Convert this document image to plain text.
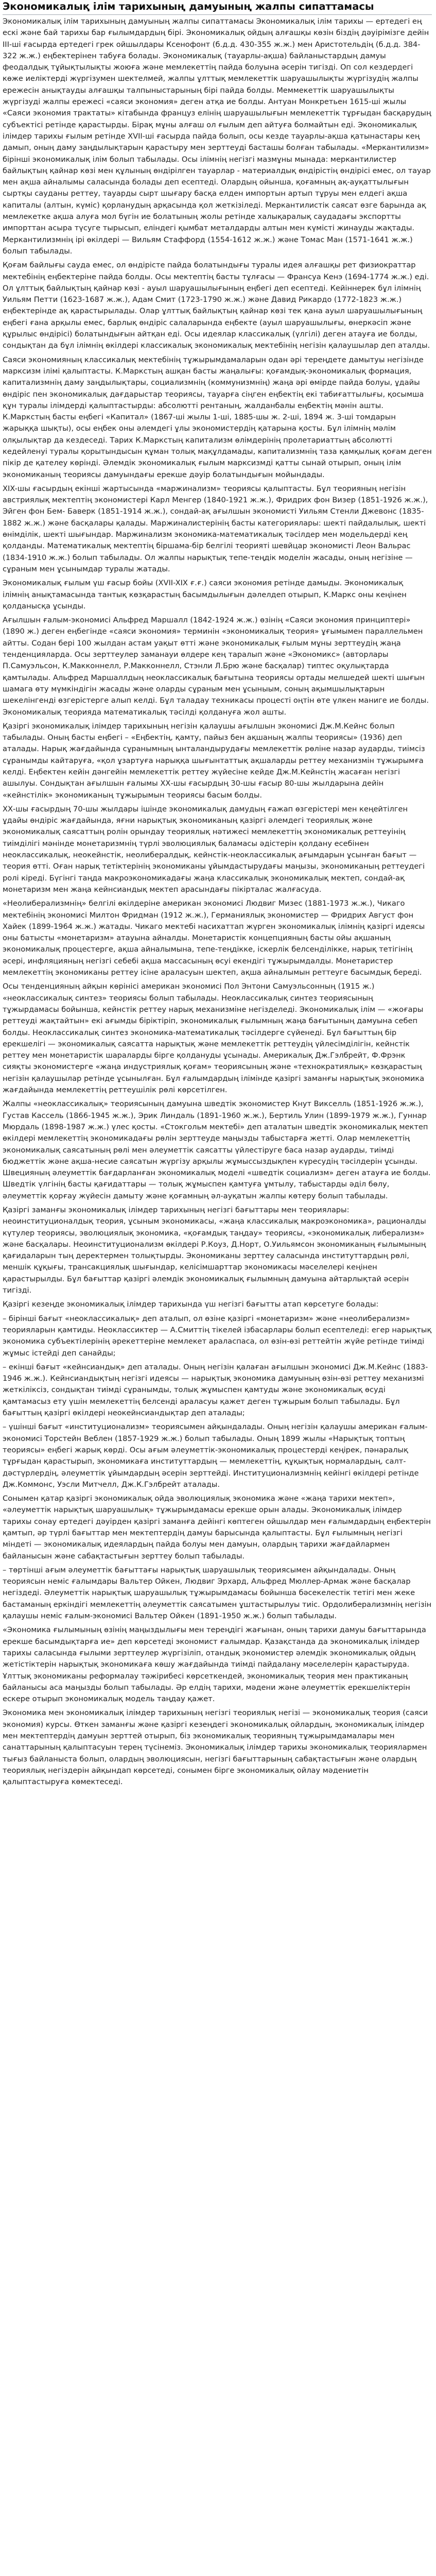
Экономикалық ілім тарихының дамуының жалпы сипаттамасы

Экономикалық ілім тарихының дамуының жалпы сипаттамасы Экономикалық ілім тарихы — ертедегі ең ескі және бай тарихы бар ғылымдардың бірі. Экономикалық ойдың алғашқы көзін біздің дәуірімізге дейін IІІ-ші ғасырда ертедегі грек ойшылдары Ксенофонт (б.д.д. 430-355 ж.ж.) мен Аристотельдің (б.д.д. 384-322 ж.ж.) еңбектерінен табуға болады. Экономикалық (тауарлы-ақша) байланыстардың дамуы феодалдық тұйықтылықты жоюға және мемлекеттің пайда болуына әсерін тигізді. Оп сол кездердегі көже иеліктерді жүргізумен шектелмей, жалпы ұлттық мемлекеттік шаруашылықты жүргізудің жалпы ережесін анықтауды алғашқы талпыныстарының бірі пайда болды. Меммекеттік шаруашылықты жүргізуді жалпы ережесі «саяси экономия» деген атқа ие болды. Антуан Монкретьен 1615-ші жылы «Саяси экономия трактаты» кітабында француз елінің шаруашылығын мемлекеттік тұрғыдан басқарудың субъектісі ретінде қарастырды. Бірақ мұны алғаш ол ғылым деп айтуға болмайтын еді. Экономикалық ілімдер тарихы ғылым ретінде XVII-ші ғасырда пайда болып, осы кезде тауарлы-ақша қатынастары кең дамып, оның даму заңдылықтарын қарастыру мен зерттеуді басташы болған табылады. «Меркантилизм» бірінші экономикалық ілім болып табылады. Осы ілімнің негізгі мазмұны мынада: меркантилистер байлықтың қайнар көзі мен құлының өндірілген тауарлар - материалдық өндірістің өндірісі емес, ол тауар мен ақша айналымы саласында болады деп есептеді. Олардың ойынша, қоғамның ақ-ауқаттылығын сыртқы сауданы реттеу, тауарды сырт шығару басқа елден импортын артып тұруы мен елдегі ақша капиталы (алтын, күміс) қорланудың арқасында қол жеткізіледі. Меркантилистік саясат өзге барында ақ мемлекетке ақша алуға мол бүгін ие болатының жолы ретінде халықаралық саудадағы экспортты импорттан асыра түсуге тырысып, еліндегі қымбат металдарды алтын мен күмісті жинауды жақтады. Меркантилизмнің ірі өкілдері — Вильям Стаффорд (1554-1612 ж.ж.) және Томас Ман (1571-1641 ж.ж.) болып табылады.

Қоғам байлығы сауда емес, ол өндірісте пайда болатындығы туралы идея алғашқы рет физиократтар мектебінің еңбектеріне пайда болды. Осы мектептің басты тұлғасы — Франсуа Кенэ (1694-1774 ж.ж.) еді. Ол ұлттық байлықтың қайнар көзі - ауыл шаруашылығының еңбегі деп есептеді. Кейіннерек бұл ілімнің Уильям Петти (1623-1687 ж.ж.), Адам Смит (1723-1790 ж.ж.) және Давид Рикардо (1772-1823 ж.ж.) еңбектерінде ақ қарастырылады. Олар ұлттық байлықтың қайнар көзі тек қана ауыл шаруашылығының еңбегі ғана арқылы емес, барлық өндіріс салаларында еңбекте (ауыл шаруашылығы, өнеркәсіп және құрылыс өндірісі) болатындығын айтқан еді. Осы идеялар классикалық (үлгілі) деген атауға ие болды, сондықтан да бұл ілімнің өкілдері классикалық экономикалық мектебінің негізін қалаушылар деп аталды.

Саяси экономияның классикалық мектебінің тұжырымдамаларын одан әрі тереңдете дамытуы негізінде марксизм ілімі қалыптасты. К.Маркстың ашқан басты жаңалығы: қоғамдық-экономикалық формация, капитализмнің даму заңдылықтары, социализмнің (коммунизмнің) жаңа әрі өмірде пайда болуы, ұдайы өндіріс пен экономикалық дағдарыстар теориясы, тауарға сіңген еңбектің екі табиғаттылығы, қосымша құн туралы ілімдерді қалыптастырды: абсолютті рентаның, жалданбалы еңбектің мәнін ашты. К.Маркстың басты еңбегі «Капитал» (1867-ші жылы 1-ші, 1885-шы ж. 2-ші, 1894 ж. 3-ші томдарын жарыққа шықты), осы еңбек оны әлемдегі ұлы экономистердің қатарына қосты. Бұл ілімнің мәлім олқылықтар да кездеседі. Тарих К.Маркстың капитализм өлімдерінің пролетариаттың абсолютті кедейленуі туралы қорытындысын құман толық мақұлдамады, капитализмнің таза қамқылық қоғам деген пікір де қателеу көрінді. Әлемдік экономикалық ғылым марксизмді қатты сынай отырып, оның ілім экономиканың теориясы дамуындағы ерекше дәуір болатындығын мойындады.

XIX-шы ғасырдың екінші жартысында «маржинализм» теориясы қалыптасты. Бұл теорияның негізін австриялық мектептің экономистері Карл Менгер (1840-1921 ж.ж.), Фридрих фон Визер (1851-1926 ж.ж.), Эйген фон Бем- Баверк (1851-1914 ж.ж.), сондай-ақ ағылшын экономисті Уильям Стенли Джевонс (1835-1882 ж.ж.) және басқалары қалады. Маржиналистерінің басты категориялары: шекті пайдалылық, шекті өнімділік, шекті шығындар. Маржинализм экономика-математикалық тәсілдер мен модельдерді кең қолданды. Математикалық мектептің біршама-бір белгілі теорияті шевйцар экономисті Леон Вальрас (1834-1910 ж.ж.) болып табылады. Ол жалпы нарықтық тепе-теңдік моделін жасады, оның негізіне — сұраным мен ұсынымдар туралы жатады.

Экономикалық ғылым үш ғасыр бойы (XVII-XIX ғ.ғ.) саяси экономия ретінде дамыды. Экономикалық ілімнің анықтамасында тантық көзқарастың басымдылығын дәлелдеп отырып, К.Маркс оны кеңінен қолданысқа ұсынды.

Ағылшын ғалым-экономисі Альфред Маршалл (1842-1924 ж.ж.) өзінің «Саяси экономия принциптері» (1890 ж.) деген еңбегінде «саяси экономия» терминін «экономикалық теория» ұғымымен параллельмен айтты. Содан бері 100 жылдан астам уақыт өтті және экономикалық ғылым мұны зерттеудің жаңа тенденцияларда. Осы зерттеулер заманауи өлдере кең таралып және «Экономикс» (авторлары П.Самуэльсон, К.Макконнелл, Р.Макконнелл, Стэнли Л.Брю және басқалар) типтес оқулықтарда қамтылады. Альфред Маршаллдың неоклассикалық бағытына теориясы ортады мелшедей шекті шығын шамага өту мүмкіндігін жасады және оларды сұраным мен ұсыныым, соның ақымшылықтарын шекелінгенді өзгерістерге алып келді. Бұл таладау техникасы процесті оңтін өте үлкен маниге ие болды. Экономикалық теорияда математикалық тәсілді қолдануға жол ашты.

Қазіргі экономикалық ілімдер тарихының негізін қалаушы ағылшын экономисі Дж.М.Кейнс болып табылады. Оның басты еңбегі – «Еңбектің, қамту, пайыз бен ақшаның жалпы теориясы» (1936) деп аталады. Нарық жағдайында сұранымның ынталандырудағы мемлекеттік рөліне назар аударды, тиімсіз сұранымды кайтаруға, «қол ұзартуға нарыққа шығынтаттық ақшаларды реттеу механизмін тұжырымға келді. Еңбектен кейін дәнгейін мемлекеттік реттеу жүйесіне кейде Дж.М.Кейнстің жасаған негізгі ашылуы. Сондықтан ағылшын ғалымы ХХ-шы ғасырдың 30-шы ғасыр 80-шы жылдарына дейін «кейнстілік» экономиканың тұжырымын теориясы басым болды.

ХХ-шы ғасырдың 70-шы жылдары ішінде экономикалық дамудың ғажап өзгерістері мен кеңейтілген ұдайы өндіріс жағдайында, яғни нарықтық экономиканың қазіргі әлемдегі теориялық және экономикалық саясаттың ролін орындау теориялық нәтижесі мемлекеттің экономикалық реттеуінің тиімділігі мәнінде монетаризмнің түрлі эволюциялық баламасы әдістерін қолдану есебінен неоклассикалық, неокейнстік, неолибералдық, кейнстік-неоклассикалық ағымдарын ұсынған бағыт — теория өтті. Оған нарық тетіктерінің экономиканы ұйымдастырудағы маңызы, экономиканың реттеудегі ролі кіреді. Бүгінгі таңда макроэкономикадағы жаңа классикалық экономикалық мектеп, сондай-ақ монетаризм мен жаңа кейнсиандық мектеп арасындағы пікірталас жалғасуда.

«Неолиберализмнің» белгілі өкілдеріне американ экономисі Людвиг Мизес (1881-1973 ж.ж.), Чикаго мектебінің экономисі Милтон Фридман (1912 ж.ж.), Германиялық экономистер — Фридрих Август фон Хайек (1899-1964 ж.ж.) жатады. Чикаго мектебі насихаттап жүрген экономикалық ілімнің қазіргі идеясы оны батысты «монетаризм» атауына айналды. Монетаристік концепцияның басты ойы ақшаның экономикалық процестерге, ақша айналымына, тепе-теңдікке, іскерлік белсенділікке, нарық тетігінің әсері, инфляцияның негізгі себебі ақша массасының өсуі екендігі тұжырымдалды. Монетаристер мемлекеттің экономиканы реттеу ісіне араласуын шектеп, ақша айналымын реттеуге басымдық береді.

Осы тенденцияның айқын көрінісі американ экономисі Пол Энтони Самуэльсонның (1915 ж.) «неоклассикалық синтез» теориясы болып табылады. Неоклассикалық синтез теориясының тұжырдамасы бойынша, кейнстік реттеу нарық механизміне негізделеді. Экономикалық ілім — «жоғары реттеуді жақтайтын» екі ағымды біріктіріп, экономикалық ғылымның жаңа бағытының дамуына себеп болды. Неоклассикалық синтез экономика-математикалық тәсілдерге сүйенеді. Бұл бағыттың бір ерекшелігі — экономикалық саясатта нарықтық және мемлекеттік реттеудің үйлесімділігін, кейнстік реттеу мен монетаристік шараларды бірге қолдануды ұсынады. Америкалық Дж.Гэлбрейт, Ф.Фрэнк сияқты экономистерге «жаңа индустриялық қоғам» теориясының және «технократиялық» көзқарастың негізін қалаушылар ретінде ұсынылған. Бұл ғалымдардың ілімінде қазіргі заманғы нарықтық экономика жағдайында мемлекеттің реттеушілік рөлі көрсетілген.

Жалпы «неоклассикалық» теориясының дамуына шведтік экономистер Кнут Викселль (1851-1926 ж.ж.), Густав Кассель (1866-1945 ж.ж.), Эрик Линдаль (1891-1960 ж.ж.), Бертиль Улин (1899-1979 ж.ж.), Гуннар Мюрдаль (1898-1987 ж.ж.) үлес қосты. «Стокгольм мектебі» деп аталатын шведтік экономикалық мектеп өкілдері мемлекеттің экономикадағы рөлін зерттеуде маңызды табыстарға жетті. Олар мемлекеттің экономикалық саясатының рөлі мен әлеуметтік саясатты үйлестіруге баса назар аударды, тиімді бюджеттік және ақша-несие саясатын жүргізу арқылы жұмыссыздықпен күресудің тәсілдерін ұсынды. Швецияның әлеуметтік бағдарланған экономикалық моделі «шведтік социализм» деген атауға ие болды. Шведтік үлгінің басты қағидаттары — толық жұмыспен қамтуға ұмтылу, табыстарды әділ бөлу, әлеуметтік қорғау жүйесін дамыту және қоғамның әл-ауқатын жалпы көтеру болып табылады.

Қазіргі заманғы экономикалық ілімдер тарихының негізгі бағыттары мен теориялары: неоинституционалдық теория, ұсыным экономикасы, «жаңа классикалық макроэкономика», рационалды күтулер теориясы, эволюциялық экономика, «қоғамдық таңдау» теориясы, «экономикалық либерализм» және басқалары. Неоинституционализм өкілдері Р.Коуз, Д.Норт, О.Уильямсон экономиканың ғылымының қағидаларын тың деректермен толықтырды. Экономиканы зерттеу саласында институттардың рөлі, меншік құқығы, трансакциялық шығындар, келісімшарттар экономикасы мәселелері кеңінен қарастырылды. Бұл бағыттар қазіргі әлемдік экономикалық ғылымның дамуына айтарлықтай әсерін тигізді.

Қазіргі кезеңде экономикалық ілімдер тарихында үш негізгі бағытты атап көрсетуге болады:

– бірінші бағыт «неоклассикалық» деп аталып, ол өзіне қазіргі «монетаризм» және «неолиберализм» теорияларын қамтиды. Неоклассиктер — А.Смиттің тікелей ізбасарлары болып есептеледі: егер нарықтық экономика субъектілерінің әрекеттеріне мемлекет араласпаса, ол өзін-өзі реттейтін жүйе ретінде тиімді жұмыс істейді деп санайды;

– екінші бағыт «кейнсиандық» деп аталады. Оның негізін қалаған ағылшын экономисі Дж.М.Кейнс (1883-1946 ж.ж.). Кейнсиандықтың негізгі идеясы — нарықтық экономика дамуының өзін-өзі реттеу механизмі жеткіліксіз, сондықтан тиімді сұранымды, толық жұмыспен қамтуды және экономикалық өсуді қамтамасыз ету үшін мемлекеттің белсенді араласуы қажет деген тұжырым болып табылады. Бұл бағыттың қазіргі өкілдері неокейнсиандықтар деп аталады;

– үшінші бағыт «институционализм» теориясымен айқындалады. Оның негізін қалаушы американ ғалым-экономисі Торстейн Веблен (1857-1929 ж.ж.) болып табылады. Оның 1899 жылы «Нарықтық топтың теориясы» еңбегі жарық көрді. Осы ағым әлеуметтік-экономикалық процестерді кеңірек, пәнаралық тұрғыдан қарастырып, экономикаға институттардың — мемлекеттің, құқықтық нормалардың, салт-дәстүрлердің, әлеуметтік ұйымдардың әсерін зерттейді. Институционализмнің кейінгі өкілдері ретінде Дж.Коммонс, Уэсли Митчелл, Дж.К.Гэлбрейт аталады.

Сонымен қатар қазіргі экономикалық ойда эволюциялық экономика және «жаңа тарихи мектеп», «әлеуметтік нарықтық шаруашылық» тұжырымдамасы ерекше орын алады. Экономикалық ілімдер тарихы сонау ертедегі дәуірден қазіргі заманға дейінгі көптеген ойшылдар мен ғалымдардың еңбектерін қамтып, әр түрлі бағыттар мен мектептердің дамуы барысында қалыптасты. Бұл ғылымның негізгі міндеті — экономикалық идеялардың пайда болуы мен дамуын, олардың тарихи жағдайлармен байланысын және сабақтастығын зерттеу болып табылады.

– төртінші ағым әлеуметтік бағыттағы нарықтық шаруашылық теориясымен айқындалады. Оның теориясын неміс ғалымдары Вальтер Ойкен, Людвиг Эрхард, Альфред Мюллер-Армак және басқалар негіздеді. Әлеуметтік нарықтық шаруашылық тұжырымдамасы бойынша бәсекелестік тетігі мен жеке бастаманың еркіндігі мемлекеттің әлеуметтік саясатымен ұштастырылуы тиіс. Ордолиберализмнің негізін қалаушы неміс ғалым-экономисі Вальтер Ойкен (1891-1950 ж.ж.) болып табылады.

«Экономика ғылымының өзінің маңыздылығы мен тереңдігі жағынан, оның тарихи дамуы бағыттарында ерекше басымдықтарға ие» деп көрсетеді экономист ғалымдар. Қазақстанда да экономикалық ілімдер тарихы саласында ғылыми зерттеулер жүргізіліп, отандық экономистер әлемдік экономикалық ойдың жетістіктерін нарықтық экономикаға көшу жағдайында тиімді пайдалану мәселелерін қарастыруда. Ұлттық экономиканы реформалау тәжірибесі көрсеткендей, экономикалық теория мен практиканың байланысы аса маңызды болып табылады. Әр елдің тарихи, мәдени және әлеуметтік ерекшеліктерін ескере отырып экономикалық модель таңдау қажет.

Экономика мен экономикалық ілімдер тарихының негізгі теориялық негізі — экономикалық теория (саяси экономия) курсы. Өткен заманғы және қазіргі кезеңдегі экономикалық ойлардың, экономикалық ілімдер мен мектептердің дамуын зерттей отырып, біз экономикалық теорияның тұжырымдамалары мен санаттарының қалыптасуын терең түсінеміз. Экономикалық ілімдер тарихы экономикалық теориялармен тығыз байланыста болып, олардың эволюциясын, негізгі бағыттарының сабақтастығын және олардың теориялық негіздерін айқындап көрсетеді, сонымен бірге экономикалық ойлау мәдениетін қалыптастыруға көмектеседі.
